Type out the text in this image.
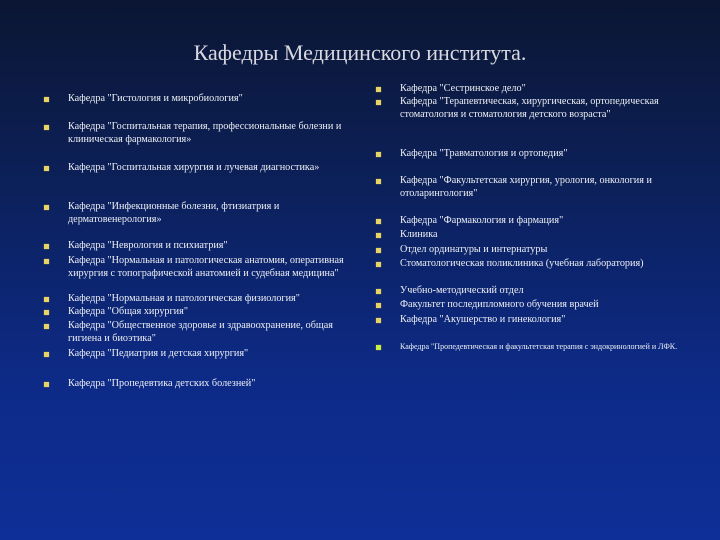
Кафедры Медицинского института.
Кафедра "Гистология и микробиология"
Кафедра "Госпитальная терапия, профессиональные болезни и клиническая фармакология»
Кафедра "Госпитальная хирургия и лучевая диагностика»
Кафедра "Инфекционные болезни, фтизиатрия и дерматовенерология»
Кафедра "Неврология и психиатрия"
Кафедра "Нормальная и патологическая анатомия, оперативная хирургия с топографической анатомией и судебная медицина"
Кафедра "Нормальная и патологическая физиология"
Кафедра "Общая хирургия"
Кафедра "Общественное здоровье и здравоохранение, общая гигиена и биоэтика"
Кафедра "Педиатрия и детская хирургия"
Кафедра "Пропедевтика детских болезней"
Кафедра "Сестринское дело"
Кафедра "Терапевтическая, хирургическая, ортопедическая стоматология и стоматология детского возраста"
Кафедра "Травматология и ортопедия"
Кафедра "Факультетская хирургия, урология, онкология и отоларингология"
Кафедра "Фармакология и фармация"
Клиника
Отдел ординатуры и интернатуры
Стоматологическая поликлиника (учебная лаборатория)
Учебно-методический отдел
Факультет последипломного обучения врачей
Кафедра "Акушерство и гинекология"
Кафедра "Пропедевтическая и факультетская терапия с эндокринологией и ЛФК.
